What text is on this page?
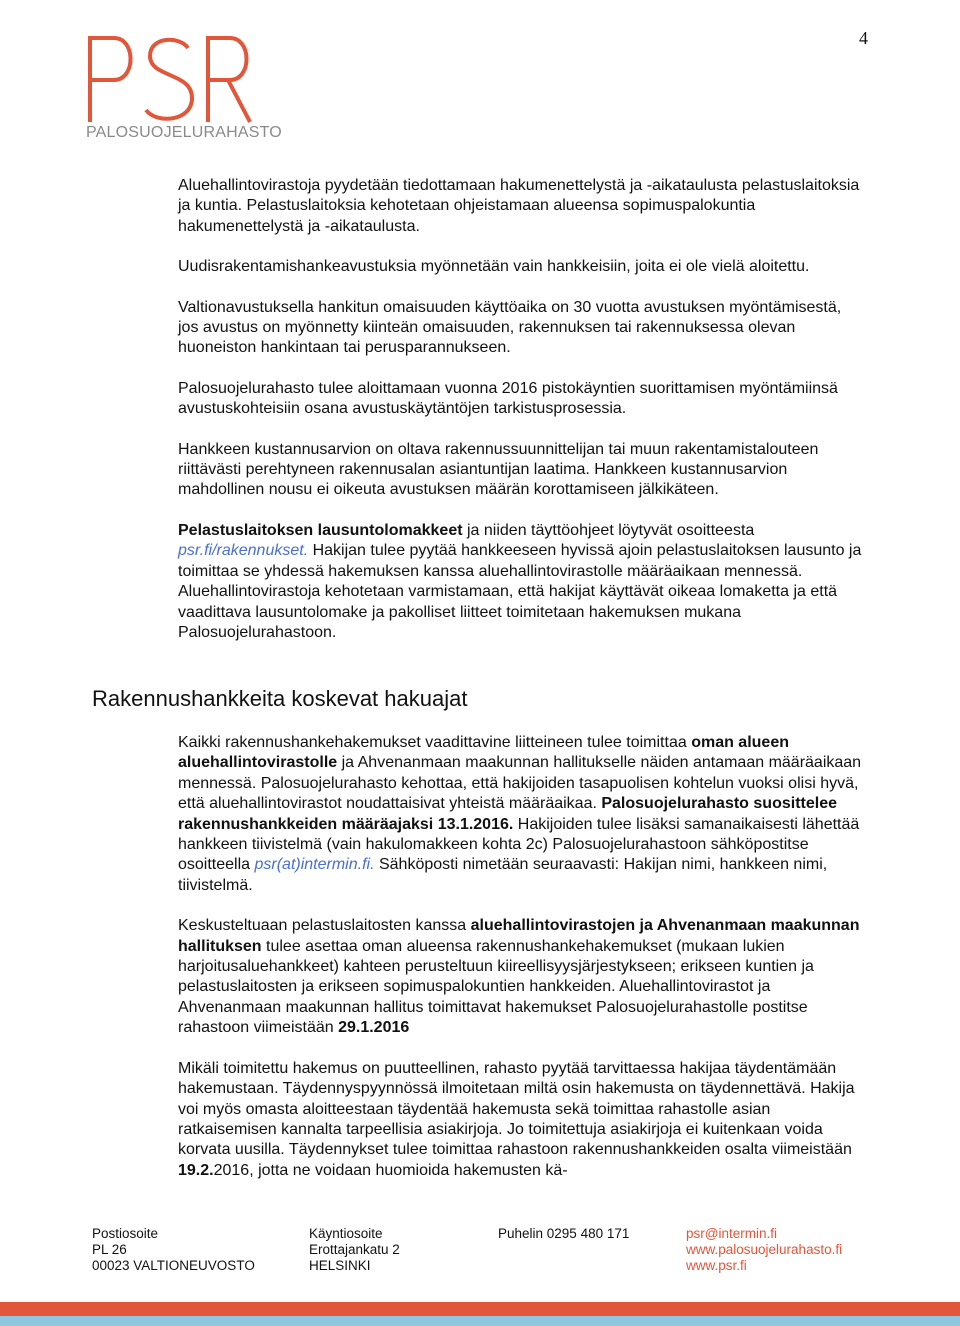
4
PALOSUOJELURAHASTO

Aluehallintovirastoja pyydetään tiedottamaan hakumenettelystä ja -aikataulusta pelastuslaitoksia ja kuntia. Pelastuslaitoksia kehotetaan ohjeistamaan alueensa sopimuspalokuntia hakumenettelystä ja -aikataulusta.

Uudisrakentamishankeavustuksia myönnetään vain hankkeisiin, joita ei ole vielä aloitettu.

Valtionavustuksella hankitun omaisuuden käyttöaika on 30 vuotta avustuksen myöntämisestä, jos avustus on myönnetty kiinteän omaisuuden, rakennuksen tai rakennuksessa olevan huoneiston hankintaan tai perusparannukseen.

Palosuojelurahasto tulee aloittamaan vuonna 2016 pistokäyntien suorittamisen myöntämiinsä avustuskohteisiin osana avustuskäytäntöjen tarkistusprosessia.

Hankkeen kustannusarvion on oltava rakennussuunnittelijan tai muun rakentamistalouteen riittävästi perehtyneen rakennusalan asiantuntijan laatima. Hankkeen kustannusarvion mahdollinen nousu ei oikeuta avustuksen määrän korottamiseen jälkikäteen.

Pelastuslaitoksen lausuntolomakkeet ja niiden täyttöohjeet löytyvät osoitteesta psr.fi/rakennukset. Hakijan tulee pyytää hankkeeseen hyvissä ajoin pelastuslaitoksen lausunto ja toimittaa se yhdessä hakemuksen kanssa aluehallintovirastolle määräaikaan mennessä. Aluehallintovirastoja kehotetaan varmistamaan, että hakijat käyttävät oikeaa lomaketta ja että vaadittava lausuntolomake ja pakolliset liitteet toimitetaan hakemuksen mukana Palosuojelurahastoon.

Rakennushankkeita koskevat hakuajat

Kaikki rakennushankehakemukset vaadittavine liitteineen tulee toimittaa oman alueen aluehallintovirastolle ja Ahvenanmaan maakunnan hallitukselle näiden antamaan määräaikaan mennessä. Palosuojelurahasto kehottaa, että hakijoiden tasapuolisen kohtelun vuoksi olisi hyvä, että aluehallintovirastot noudattaisivat yhteistä määräaikaa. Palosuojelurahasto suosittelee rakennushankkeiden määräajaksi 13.1.2016. Hakijoiden tulee lisäksi samanaikaisesti lähettää hankkeen tiivistelmä (vain hakulomakkeen kohta 2c) Palosuojelurahastoon sähköpostitse osoitteella psr(at)intermin.fi. Sähköposti nimetään seuraavasti: Hakijan nimi, hankkeen nimi, tiivistelmä.

Keskusteltuaan pelastuslaitosten kanssa aluehallintovirastojen ja Ahvenanmaan maakunnan hallituksen tulee asettaa oman alueensa rakennushankehakemukset (mukaan lukien harjoitusaluehankkeet) kahteen perusteltuun kiireellisyysjärjestykseen; erikseen kuntien ja pelastuslaitosten ja erikseen sopimuspalokuntien hankkeiden. Aluehallintovirastot ja Ahvenanmaan maakunnan hallitus toimittavat hakemukset Palosuojelurahastolle postitse rahastoon viimeistään 29.1.2016

Mikäli toimitettu hakemus on puutteellinen, rahasto pyytää tarvittaessa hakijaa täydentämään hakemustaan. Täydennyspyynnössä ilmoitetaan miltä osin hakemusta on täydennettävä. Hakija voi myös omasta aloitteestaan täydentää hakemusta sekä toimittaa rahastolle asian ratkaisemisen kannalta tarpeellisia asiakirjoja. Jo toimitettuja asiakirjoja ei kuitenkaan voida korvata uusilla. Täydennykset tulee toimittaa rahastoon rakennushankkeiden osalta viimeistään 19.2.2016, jotta ne voidaan huomioida hakemusten kä-

Postiosoite
PL 26
00023 VALTIONEUVOSTO
Käyntiosoite
Erottajankatu 2
HELSINKI
Puhelin 0295 480 171	psr@intermin.fi
www.palosuojelurahasto.fi
www.psr.fi
